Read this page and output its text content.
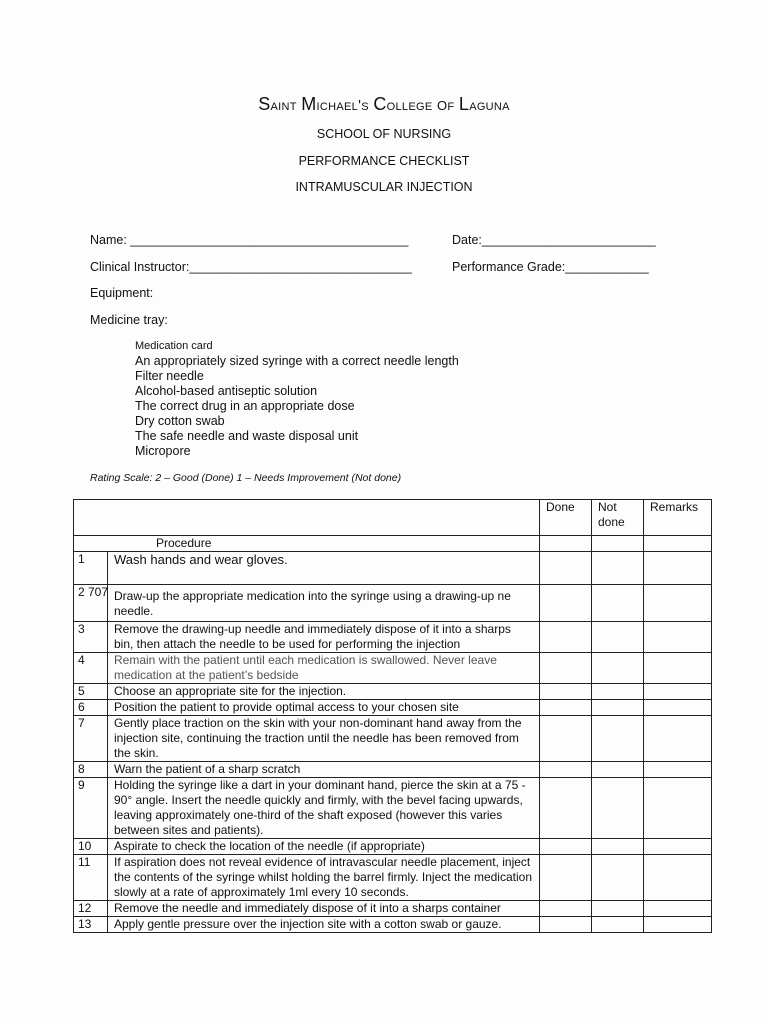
Saint Michael's College of Laguna
SCHOOL OF NURSING
PERFORMANCE CHECKLIST
INTRAMUSCULAR INJECTION
Name: ________________________________________	Date:_________________________
Clinical Instructor:________________________________	Performance Grade:____________
Equipment:
Medicine tray:
Medication card
An appropriately sized syringe with a correct needle length
Filter needle
Alcohol-based antiseptic solution
The correct drug in an appropriate dose
Dry cotton swab
The safe needle and waste disposal unit
Micropore
Rating Scale: 2 – Good (Done) 1 – Needs Improvement (Not done)
		Done	Not done	Remarks
Procedure				
1	Wash hands and wear gloves.			
2 707	Draw-up the appropriate medication into the syringe using a drawing-up ne needle.			
3	Remove the drawing-up needle and immediately dispose of it into a sharps bin, then attach the needle to be used for performing the injection			
4	Remain with the patient until each medication is swallowed. Never leave medication at the patient’s bedside			
5	Choose an appropriate site for the injection.			
6	Position the patient to provide optimal access to your chosen site			
7	Gently place traction on the skin with your non-dominant hand away from the injection site, continuing the traction until the needle has been removed from the skin.			
8	Warn the patient of a sharp scratch			
9	Holding the syringe like a dart in your dominant hand, pierce the skin at a 75 - 90° angle. Insert the needle quickly and firmly, with the bevel facing upwards, leaving approximately one-third of the shaft exposed (however this varies between sites and patients).			
10	Aspirate to check the location of the needle (if appropriate)			
11	If aspiration does not reveal evidence of intravascular needle placement, inject the contents of the syringe whilst holding the barrel firmly. Inject the medication slowly at a rate of approximately 1ml every 10 seconds.			
12	Remove the needle and immediately dispose of it into a sharps container			
13	Apply gentle pressure over the injection site with a cotton swab or gauze.			
